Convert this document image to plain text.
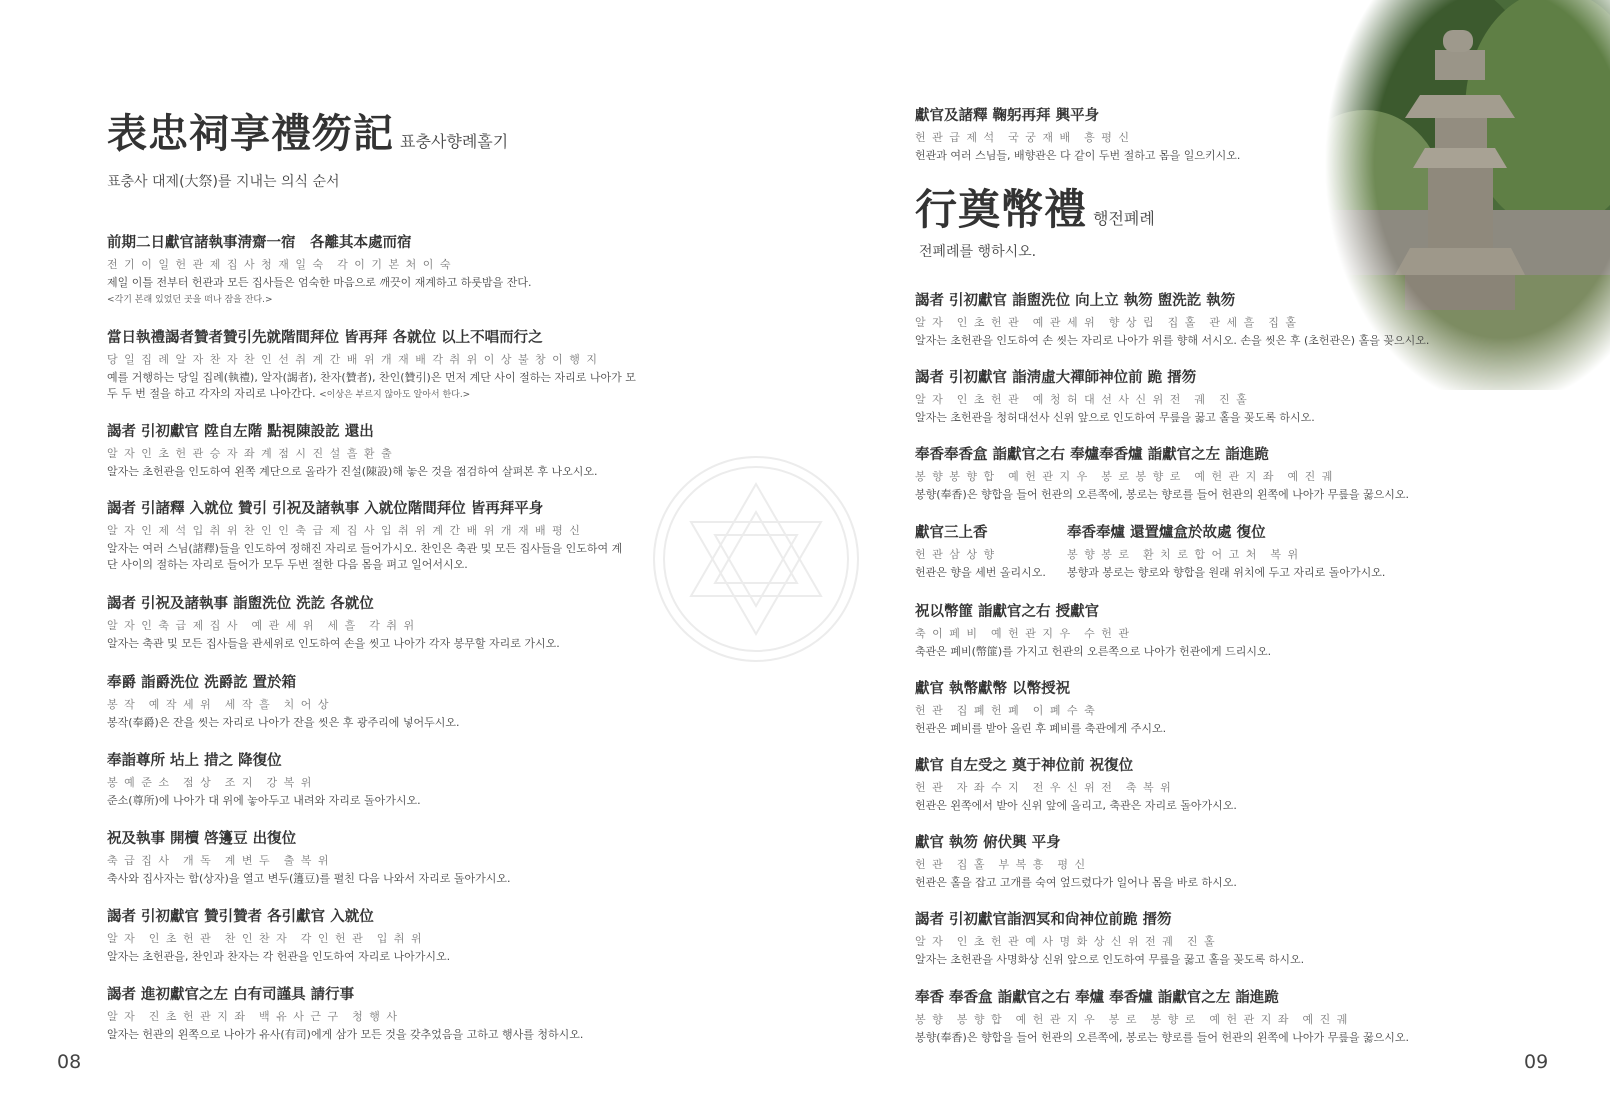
表忠祠享禮笏記 표충사향례홀기
표충사 대제(大祭)를 지내는 의식 순서
前期二日獻官諸執事淸齋一宿　各離其本處而宿
전 기 이 일 헌 관 제 집 사 청 재 일 숙　각 이 기 본 처 이 숙
제일 이틀 전부터 헌관과 모든 집사들은 엄숙한 마음으로 깨끗이 재계하고 하룻밤을 잔다.
<각기 본래 있었던 곳을 떠나 잠을 잔다.>
當日執禮謁者贊者贊引先就階間拜位 皆再拜 各就位 以上不唱而行之
당 일 집 례 알 자 찬 자 찬 인 선 취 계 간 배 위 개 재 배 각 취 위 이 상 불 창 이 행 지
예를 거행하는 당일 집례(執禮), 알자(謁者), 찬자(贊者), 찬인(贊引)은 먼저 계단 사이 절하는 자리로 나아가 모두 두 번 절을 하고 각자의 자리로 나아간다. <이상은 부르지 않아도 알아서 한다.>
謁者 引初獻官 陞自左階 點視陳設訖 還出
알 자 인 초 헌 관 승 자 좌 계 점 시 진 설 흘 환 출
알자는 초헌관을 인도하여 왼쪽 계단으로 올라가 진설(陳設)해 놓은 것을 점검하여 살펴본 후 나오시오.
謁者 引諸釋 入就位 贊引 引祝及諸執事 入就位階間拜位 皆再拜平身
알 자 인 제 석 입 취 위 찬 인 인 축 급 제 집 사 입 취 위 계 간 배 위 개 재 배 평 신
알자는 여러 스님(諸釋)들을 인도하여 정해진 자리로 들어가시오. 찬인은 축관 및 모든 집사들을 인도하여 계단 사이의 절하는 자리로 들어가 모두 두번 절한 다음 몸을 펴고 일어서시오.
謁者 引祝及諸執事 詣盥洗位 洗訖 各就位
알 자 인 축 급 제 집 사　예 관 세 위　세 흘　각 취 위
알자는 축관 및 모든 집사들을 관세위로 인도하여 손을 씻고 나아가 각자 봉무할 자리로 가시오.
奉爵 詣爵洗位 洗爵訖 置於箱
봉 작　예 작 세 위　세 작 흘　치 어 상
봉작(奉爵)은 잔을 씻는 자리로 나아가 잔을 씻은 후 광주리에 넣어두시오.
奉詣尊所 坫上 措之 降復位
봉 예 준 소　점 상　조 지　강 복 위
준소(尊所)에 나아가 대 위에 놓아두고 내려와 자리로 돌아가시오.
祝及執事 開櫝 啓籩豆 出復位
축 급 집 사　개 독　계 변 두　출 복 위
축사와 집사자는 함(상자)을 열고 변두(籩豆)를 펼친 다음 나와서 자리로 돌아가시오.
謁者 引初獻官 贊引贊者 各引獻官 入就位
알 자　인 초 헌 관　찬 인 찬 자　각 인 헌 관　입 취 위
알자는 초헌관을, 찬인과 찬자는 각 헌관을 인도하여 자리로 나아가시오.
謁者 進初獻官之左 白有司謹具 請行事
알 자　진 초 헌 관 지 좌　백 유 사 근 구　청 행 사
알자는 헌관의 왼쪽으로 나아가 유사(有司)에게 삼가 모든 것을 갖추었음을 고하고 행사를 청하시오.
08
獻官及諸釋 鞠躬再拜 興平身
헌 관 급 제 석　국 궁 재 배　흥 평 신
헌관과 여러 스님들, 배향관은 다 같이 두번 절하고 몸을 일으키시오.
行奠幣禮 행전폐례
전폐례를 행하시오.
謁者 引初獻官 詣盥洗位 向上立 執笏 盥洗訖 執笏
알 자　인 초 헌 관　예 관 세 위　향 상 립　집 홀　관 세 흘　집 홀
알자는 초헌관을 인도하여 손 씻는 자리로 나아가 위를 향해 서시오. 손을 씻은 후 (초헌관은) 홀을 꽂으시오.
謁者 引初獻官 詣淸虛大禪師神位前 跪 搢笏
알 자　인 초 헌 관　예 청 허 대 선 사 신 위 전　궤　진 홀
알자는 초헌관을 청허대선사 신위 앞으로 인도하여 무릎을 꿇고 홀을 꽂도록 하시오.
奉香奉香盒 詣獻官之右 奉爐奉香爐 詣獻官之左 詣進跪
봉 향 봉 향 합　예 헌 관 지 우　봉 로 봉 향 로　예 헌 관 지 좌　예 진 궤
봉향(奉香)은 향합을 들어 헌관의 오른쪽에, 봉로는 향로를 들어 헌관의 왼쪽에 나아가 무릎을 꿇으시오.
獻官三上香
헌 관 삼 상 향
헌관은 향을 세번 올리시오.
奉香奉爐 還置爐盒於故處 復位
봉 향 봉 로　환 치 로 합 어 고 처　복 위
봉향과 봉로는 향로와 향합을 원래 위치에 두고 자리로 돌아가시오.
祝以幣篚 詣獻官之右 授獻官
축 이 페 비　예 헌 관 지 우　수 헌 관
축관은 폐비(幣篚)를 가지고 헌관의 오른쪽으로 나아가 헌관에게 드리시오.
獻官 執幣獻幣 以幣授祝
헌 관　집 폐 헌 폐　이 폐 수 축
헌관은 폐비를 받아 올린 후 폐비를 축관에게 주시오.
獻官 自左受之 奠于神位前 祝復位
헌 관　자 좌 수 지　전 우 신 위 전　축 복 위
헌관은 왼쪽에서 받아 신위 앞에 올리고, 축관은 자리로 돌아가시오.
獻官 執笏 俯伏興 平身
헌 관　집 홀　부 복 흥　평 신
헌관은 홀을 잡고 고개를 숙여 엎드렸다가 일어나 몸을 바로 하시오.
謁者 引初獻官詣泗冥和尙神位前跪 搢笏
알 자　인 초 헌 관 예 사 명 화 상 신 위 전 궤　진 홀
알자는 초헌관을 사명화상 신위 앞으로 인도하여 무릎을 꿇고 홀을 꽂도록 하시오.
奉香 奉香盒 詣獻官之右 奉爐 奉香爐 詣獻官之左 詣進跪
봉 향　봉 향 합　예 헌 관 지 우　봉 로　봉 향 로　예 헌 관 지 좌　예 진 궤
봉향(奉香)은 향합을 들어 헌관의 오른쪽에, 봉로는 향로를 들어 헌관의 왼쪽에 나아가 무릎을 꿇으시오.
09
